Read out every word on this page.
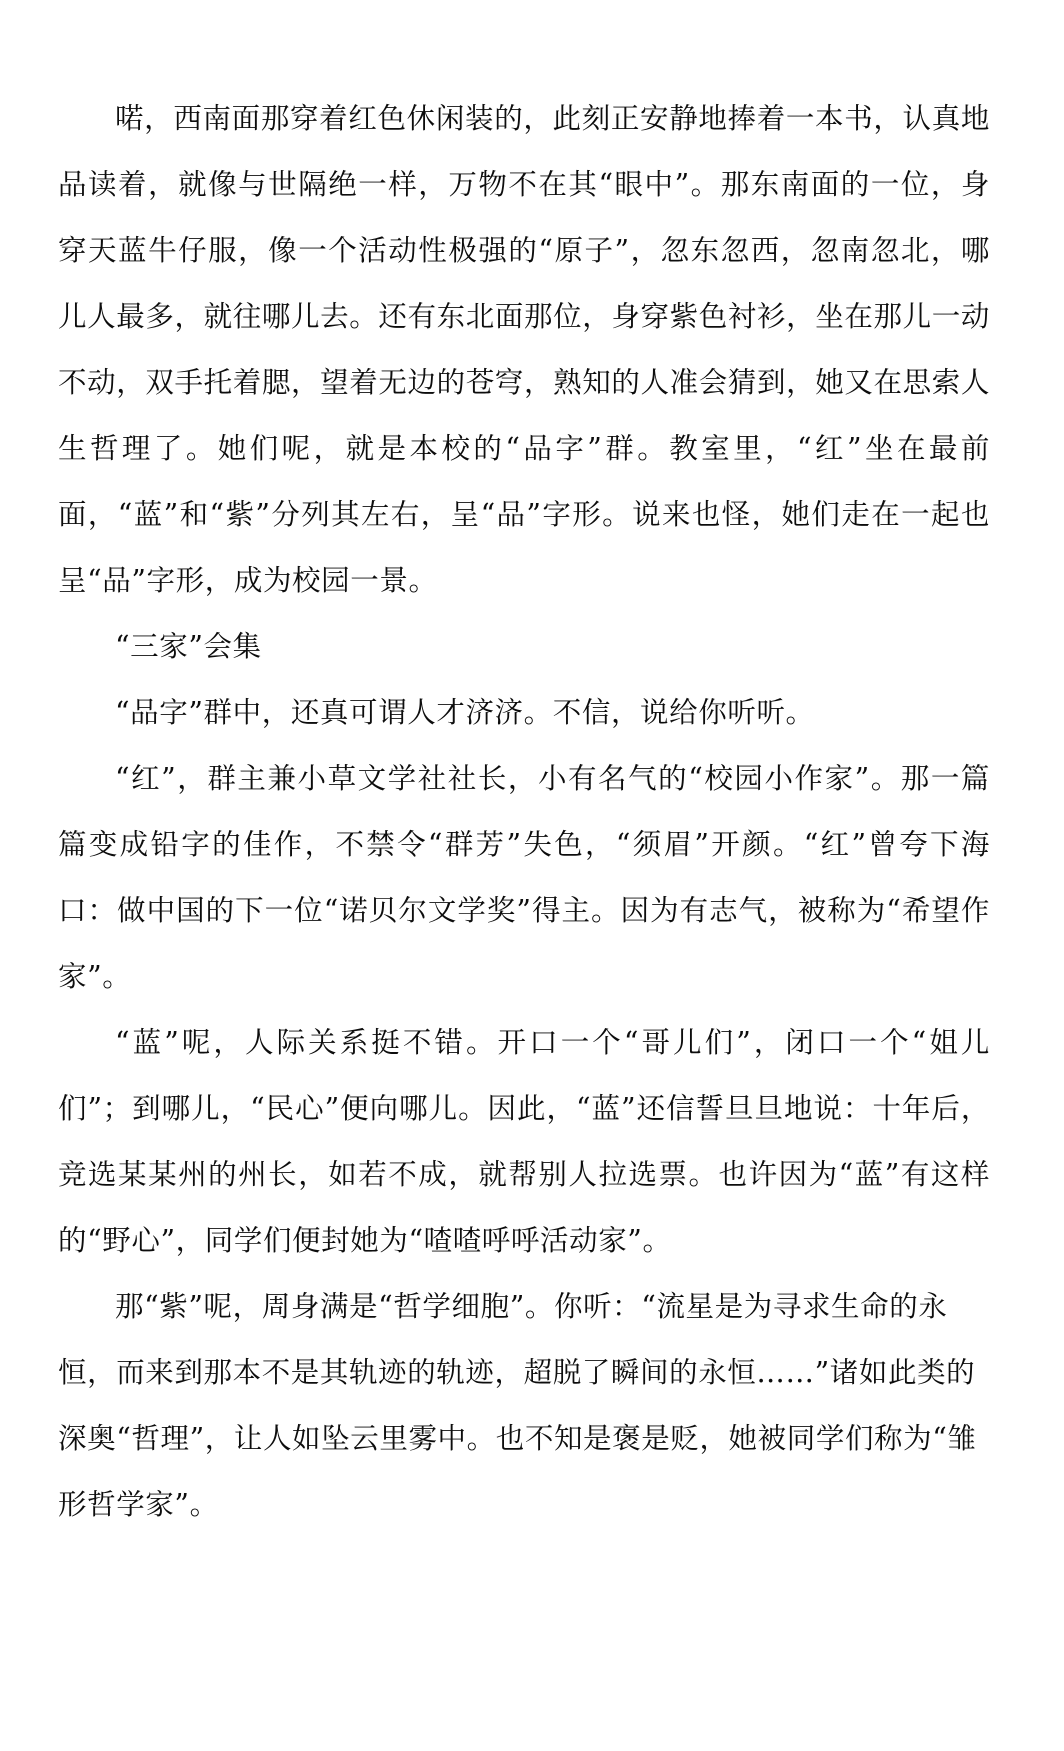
喏，西南面那穿着红色休闲装的，此刻正安静地捧着一本书，认真地品读着，就像与世隔绝一样，万物不在其“眼中”。那东南面的一位，身穿天蓝牛仔服，像一个活动性极强的“原子”，忽东忽西，忽南忽北，哪儿人最多，就往哪儿去。还有东北面那位，身穿紫色衬衫，坐在那儿一动不动，双手托着腮，望着无边的苍穹，熟知的人准会猜到，她又在思索人生哲理了。她们呢，就是本校的“品字”群。教室里，“红”坐在最前面，“蓝”和“紫”分列其左右，呈“品”字形。说来也怪，她们走在一起也呈“品”字形，成为校园一景。

“三家”会集

“品字”群中，还真可谓人才济济。不信，说给你听听。

“红”，群主兼小草文学社社长，小有名气的“校园小作家”。那一篇篇变成铅字的佳作，不禁令“群芳”失色，“须眉”开颜。“红”曾夸下海口：做中国的下一位“诺贝尔文学奖”得主。因为有志气，被称为“希望作家”。

“蓝”呢，人际关系挺不错。开口一个“哥儿们”，闭口一个“姐儿们”；到哪儿，“民心”便向哪儿。因此，“蓝”还信誓旦旦地说：十年后，竞选某某州的州长，如若不成，就帮别人拉选票。也许因为“蓝”有这样的“野心”，同学们便封她为“喳喳呼呼活动家”。

那“紫”呢，周身满是“哲学细胞”。你听：“流星是为寻求生命的永恒，而来到那本不是其轨迹的轨迹，超脱了瞬间的永恒……”诸如此类的深奥“哲理”，让人如坠云里雾中。也不知是褒是贬，她被同学们称为“雏形哲学家”。
